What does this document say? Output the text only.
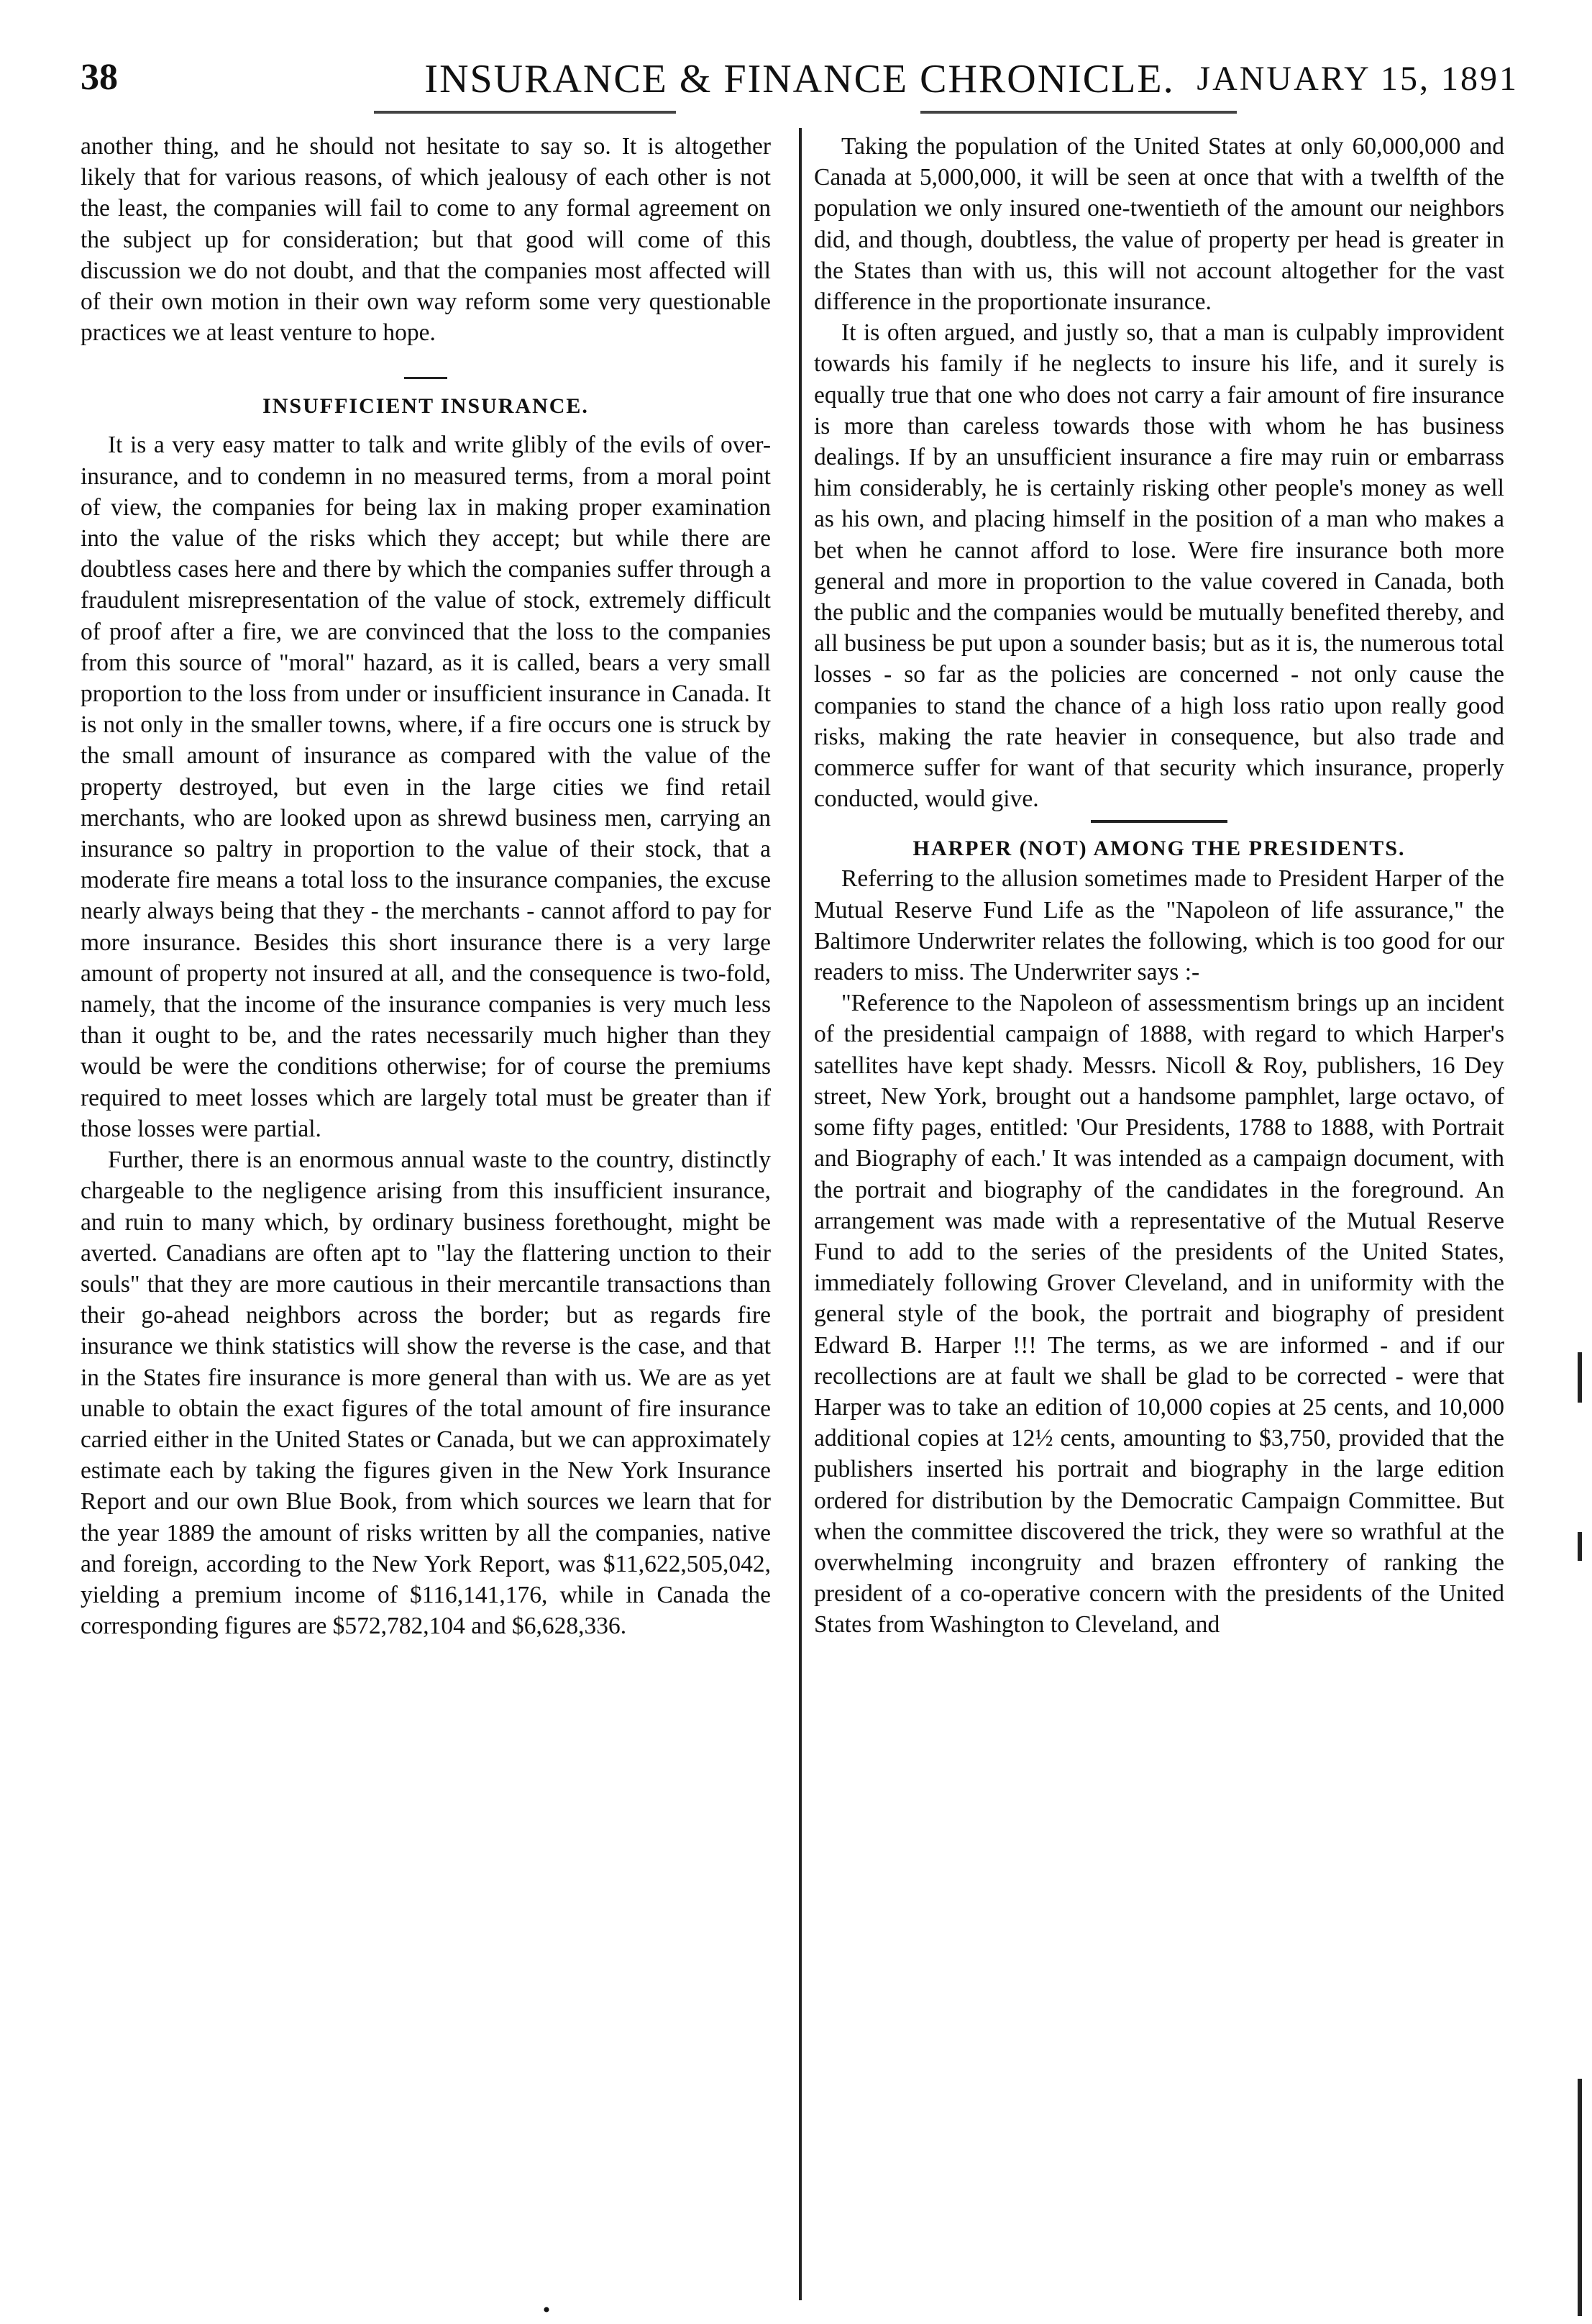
38	INSURANCE & FINANCE CHRONICLE. JANUARY 15, 1891

another thing, and he should not hesitate to say so. It is altogether likely that for various reasons, of which jealousy of each other is not the least, the companies will fail to come to any formal agreement on the subject up for consideration; but that good will come of this discussion we do not doubt, and that the companies most affected will of their own motion in their own way reform some very questionable practices we at least venture to hope.

INSUFFICIENT INSURANCE.

It is a very easy matter to talk and write glibly of the evils of over-insurance, and to condemn in no measured terms, from a moral point of view, the companies for being lax in making proper examination into the value of the risks which they accept; but while there are doubtless cases here and there by which the companies suffer through a fraudulent misrepresentation of the value of stock, extremely difficult of proof after a fire, we are convinced that the loss to the companies from this source of "moral" hazard, as it is called, bears a very small proportion to the loss from under or insufficient insurance in Canada. It is not only in the smaller towns, where, if a fire occurs one is struck by the small amount of insurance as compared with the value of the property destroyed, but even in the large cities we find retail merchants, who are looked upon as shrewd business men, carrying an insurance so paltry in proportion to the value of their stock, that a moderate fire means a total loss to the insurance companies, the excuse nearly always being that they - the merchants - cannot afford to pay for more insurance. Besides this short insurance there is a very large amount of property not insured at all, and the consequence is two-fold, namely, that the income of the insurance companies is very much less than it ought to be, and the rates necessarily much higher than they would be were the conditions otherwise; for of course the premiums required to meet losses which are largely total must be greater than if those losses were partial.

Further, there is an enormous annual waste to the country, distinctly chargeable to the negligence arising from this insufficient insurance, and ruin to many which, by ordinary business forethought, might be averted. Canadians are often apt to "lay the flattering unction to their souls" that they are more cautious in their mercantile transactions than their go-ahead neighbors across the border; but as regards fire insurance we think statistics will show the reverse is the case, and that in the States fire insurance is more general than with us. We are as yet unable to obtain the exact figures of the total amount of fire insurance carried either in the United States or Canada, but we can approximately estimate each by taking the figures given in the New York Insurance Report and our own Blue Book, from which sources we learn that for the year 1889 the amount of risks written by all the companies, native and foreign, according to the New York Report, was $11,622,505,042, yielding a premium income of $116,141,176, while in Canada the corresponding figures are $572,782,104 and $6,628,336.

Taking the population of the United States at only 60,000,000 and Canada at 5,000,000, it will be seen at once that with a twelfth of the population we only insured one-twentieth of the amount our neighbors did, and though, doubtless, the value of property per head is greater in the States than with us, this will not account altogether for the vast difference in the proportionate insurance.

It is often argued, and justly so, that a man is culpably improvident towards his family if he neglects to insure his life, and it surely is equally true that one who does not carry a fair amount of fire insurance is more than careless towards those with whom he has business dealings. If by an unsufficient insurance a fire may ruin or embarrass him considerably, he is certainly risking other people's money as well as his own, and placing himself in the position of a man who makes a bet when he cannot afford to lose. Were fire insurance both more general and more in proportion to the value covered in Canada, both the public and the companies would be mutually benefited thereby, and all business be put upon a sounder basis; but as it is, the numerous total losses - so far as the policies are concerned - not only cause the companies to stand the chance of a high loss ratio upon really good risks, making the rate heavier in consequence, but also trade and commerce suffer for want of that security which insurance, properly conducted, would give.

HARPER (NOT) AMONG THE PRESIDENTS.

Referring to the allusion sometimes made to President Harper of the Mutual Reserve Fund Life as the "Napoleon of life assurance," the Baltimore Underwriter relates the following, which is too good for our readers to miss. The Underwriter says :-

"Reference to the Napoleon of assessmentism brings up an incident of the presidential campaign of 1888, with regard to which Harper's satellites have kept shady. Messrs. Nicoll & Roy, publishers, 16 Dey street, New York, brought out a handsome pamphlet, large octavo, of some fifty pages, entitled: 'Our Presidents, 1788 to 1888, with Portrait and Biography of each.' It was intended as a campaign document, with the portrait and biography of the candidates in the foreground. An arrangement was made with a representative of the Mutual Reserve Fund to add to the series of the presidents of the United States, immediately following Grover Cleveland, and in uniformity with the general style of the book, the portrait and biography of president Edward B. Harper !!! The terms, as we are informed - and if our recollections are at fault we shall be glad to be corrected - were that Harper was to take an edition of 10,000 copies at 25 cents, and 10,000 additional copies at 12½ cents, amounting to $3,750, provided that the publishers inserted his portrait and biography in the large edition ordered for distribution by the Democratic Campaign Committee. But when the committee discovered the trick, they were so wrathful at the overwhelming incongruity and brazen effrontery of ranking the president of a co-operative concern with the presidents of the United States from Washington to Cleveland, and

•
